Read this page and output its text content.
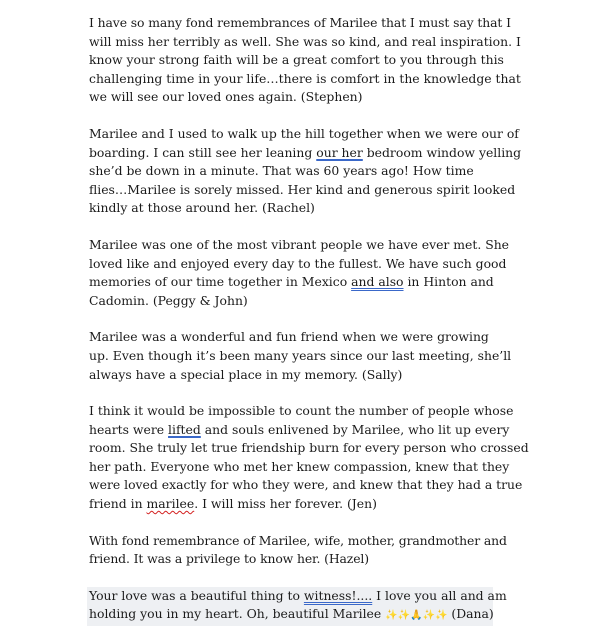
I have so many fond remembrances of Marilee that I must say that I
will miss her terribly as well. She was so kind, and real inspiration. I
know your strong faith will be a great comfort to you through this
challenging time in your life…there is comfort in the knowledge that
we will see our loved ones again. (Stephen)

Marilee and I used to walk up the hill together when we were our of
boarding. I can still see her leaning our her bedroom window yelling
she’d be down in a minute. That was 60 years ago! How time
flies…Marilee is sorely missed. Her kind and generous spirit looked
kindly at those around her. (Rachel)

Marilee was one of the most vibrant people we have ever met. She
loved like and enjoyed every day to the fullest. We have such good
memories of our time together in Mexico and also in Hinton and
Cadomin. (Peggy & John)

Marilee was a wonderful and fun friend when we were growing
up. Even though it’s been many years since our last meeting, she’ll
always have a special place in my memory. (Sally)

I think it would be impossible to count the number of people whose
hearts were lifted and souls enlivened by Marilee, who lit up every
room. She truly let true friendship burn for every person who crossed
her path. Everyone who met her knew compassion, knew that they
were loved exactly for who they were, and knew that they had a true
friend in marilee. I will miss her forever. (Jen)

With fond remembrance of Marilee, wife, mother, grandmother and
friend. It was a privilege to know her. (Hazel)

Your love was a beautiful thing to witness!.... I love you all and am
holding you in my heart. Oh, beautiful Marilee ✨✨🙏✨✨ (Dana)
